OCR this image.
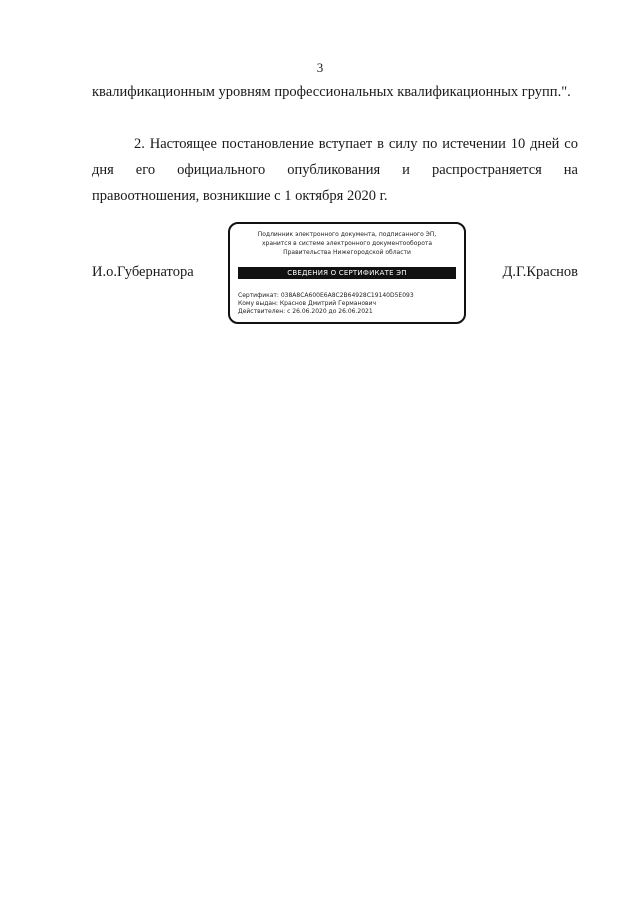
3
квалификационным уровням профессиональных квалификационных групп.".
2. Настоящее постановление вступает в силу по истечении 10 дней со дня его официального опубликования и распространяется на правоотношения, возникшие с 1 октября 2020 г.
И.о.Губернатора
Подлинник электронного документа, подписанного ЭП,
хранится в системе электронного документооборота
Правительства Нижегородской области
СВЕДЕНИЯ О СЕРТИФИКАТЕ ЭП
Сертификат: 038A8CA600E6A8C2B64928C19140D5E093
Кому выдан: Краснов Дмитрий Германович
Действителен: с 26.06.2020 до 26.06.2021
Д.Г.Краснов
